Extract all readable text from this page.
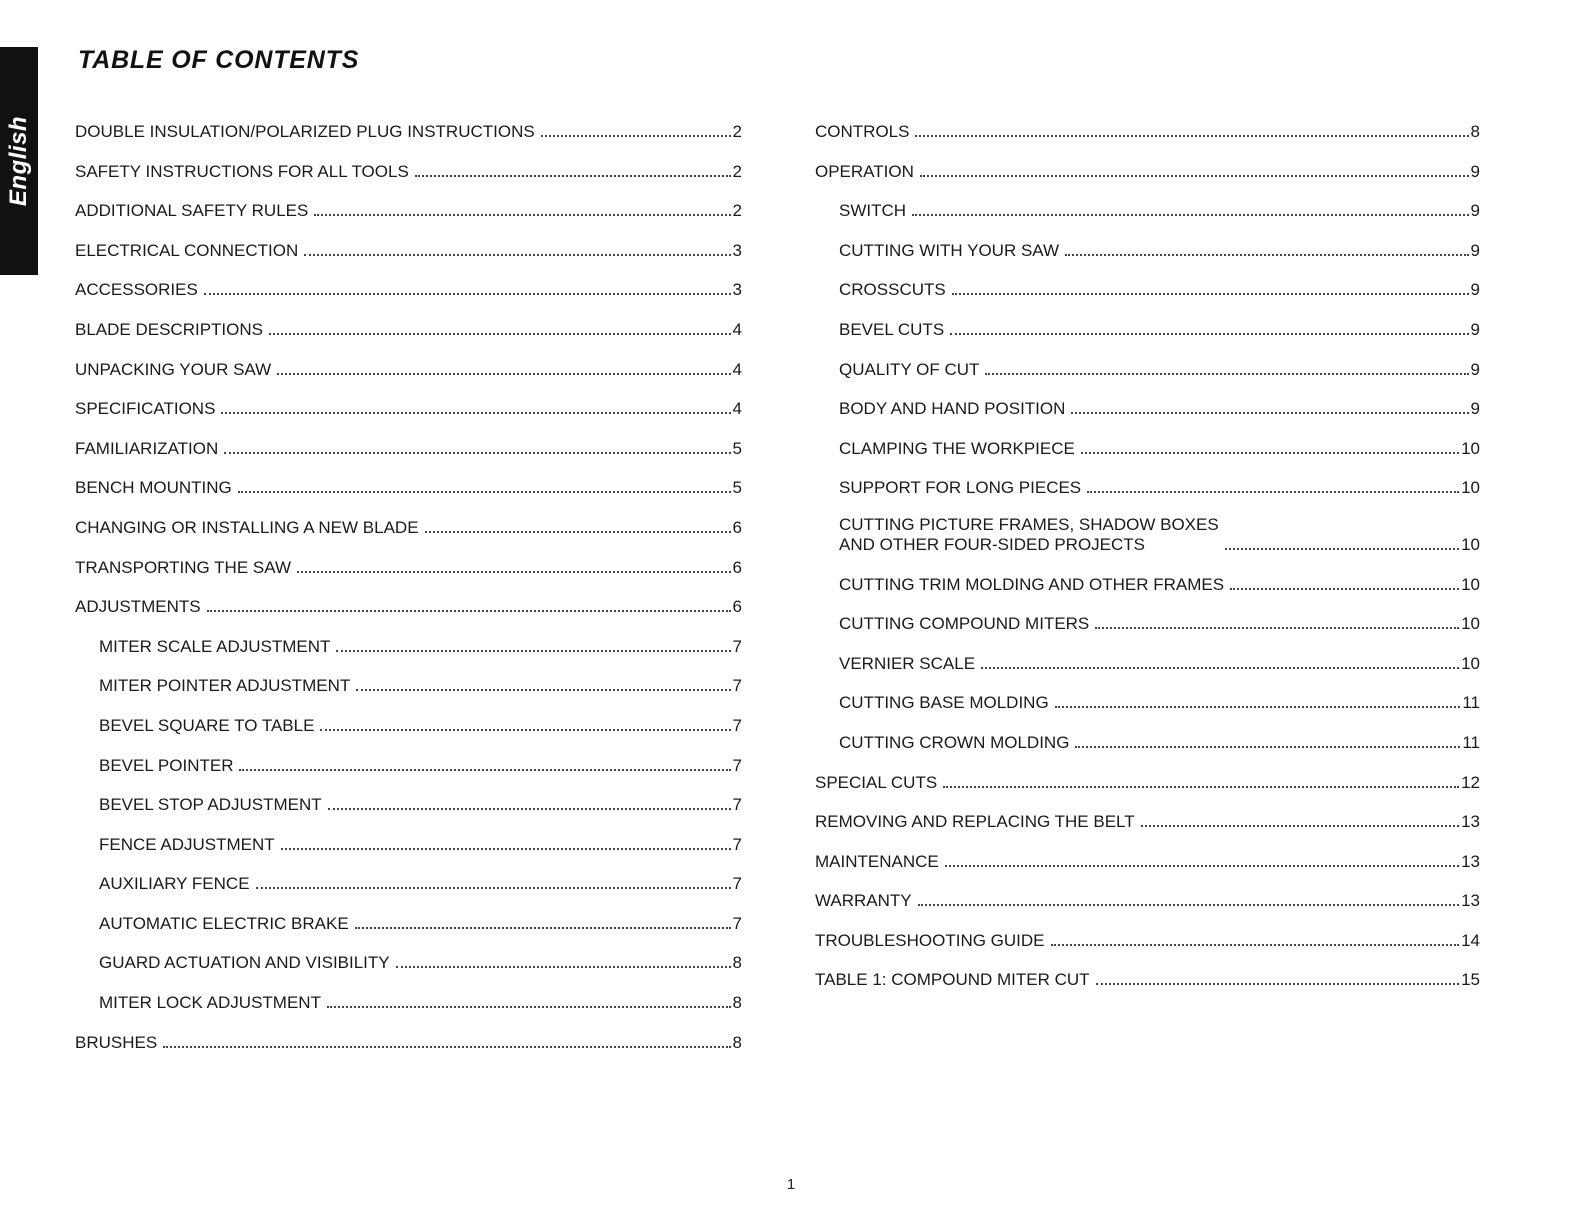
English
TABLE OF CONTENTS
DOUBLE INSULATION/POLARIZED PLUG INSTRUCTIONS	2
SAFETY INSTRUCTIONS FOR ALL TOOLS	2
ADDITIONAL SAFETY RULES	2
ELECTRICAL CONNECTION	3
ACCESSORIES	3
BLADE DESCRIPTIONS	4
UNPACKING YOUR SAW	4
SPECIFICATIONS	4
FAMILIARIZATION	5
BENCH MOUNTING	5
CHANGING OR INSTALLING A NEW BLADE	6
TRANSPORTING THE SAW	6
ADJUSTMENTS	6
MITER SCALE ADJUSTMENT	7
MITER POINTER ADJUSTMENT	7
BEVEL SQUARE TO TABLE	7
BEVEL POINTER	7
BEVEL STOP ADJUSTMENT	7
FENCE ADJUSTMENT	7
AUXILIARY FENCE	7
AUTOMATIC ELECTRIC BRAKE	7
GUARD ACTUATION AND VISIBILITY	8
MITER LOCK ADJUSTMENT	8
BRUSHES	8
CONTROLS	8
OPERATION	9
SWITCH	9
CUTTING WITH YOUR SAW	9
CROSSCUTS	9
BEVEL CUTS	9
QUALITY OF CUT	9
BODY AND HAND POSITION	9
CLAMPING THE WORKPIECE	10
SUPPORT FOR LONG PIECES	10
CUTTING PICTURE FRAMES, SHADOW BOXES
AND OTHER FOUR-SIDED PROJECTS	10
CUTTING TRIM MOLDING AND OTHER FRAMES	10
CUTTING COMPOUND MITERS	10
VERNIER SCALE	10
CUTTING BASE MOLDING	11
CUTTING CROWN MOLDING	11
SPECIAL CUTS	12
REMOVING AND REPLACING THE BELT	13
MAINTENANCE	13
WARRANTY	13
TROUBLESHOOTING GUIDE	14
TABLE 1: COMPOUND MITER CUT	15
1
